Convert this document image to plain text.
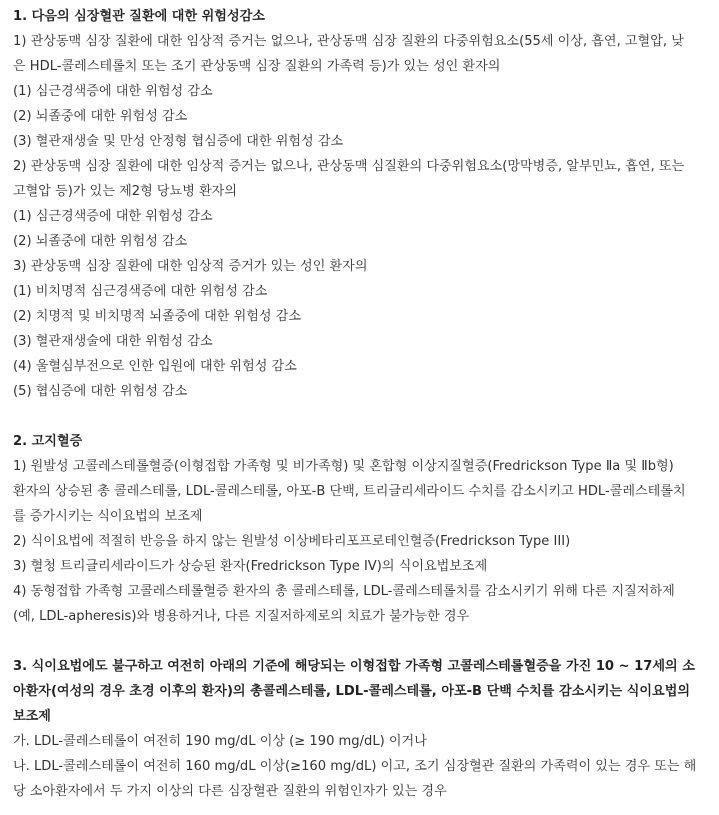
1. 다음의 심장혈관 질환에 대한 위험성감소
1) 관상동맥 심장 질환에 대한 임상적 증거는 없으나, 관상동맥 심장 질환의 다중위험요소(55세 이상, 흡연, 고혈압, 낮
은 HDL-콜레스테롤치 또는 조기 관상동맥 심장 질환의 가족력 등)가 있는 성인 환자의
(1) 심근경색증에 대한 위험성 감소
(2) 뇌졸중에 대한 위험성 감소
(3) 혈관재생술 및 만성 안정형 협심증에 대한 위험성 감소
2) 관상동맥 심장 질환에 대한 임상적 증거는 없으나, 관상동맥 심질환의 다중위험요소(망막병증, 알부민뇨, 흡연, 또는
고혈압 등)가 있는 제2형 당뇨병 환자의
(1) 심근경색증에 대한 위험성 감소
(2) 뇌졸중에 대한 위험성 감소
3) 관상동맥 심장 질환에 대한 임상적 증거가 있는 성인 환자의
(1) 비치명적 심근경색증에 대한 위험성 감소
(2) 치명적 및 비치명적 뇌졸중에 대한 위험성 감소
(3) 혈관재생술에 대한 위험성 감소
(4) 울혈심부전으로 인한 입원에 대한 위험성 감소
(5) 협심증에 대한 위험성 감소
2. 고지혈증
1) 원발성 고콜레스테롤혈증(이형접합 가족형 및 비가족형) 및 혼합형 이상지질혈증(Fredrickson Type Ⅱa 및 Ⅱb형)
환자의 상승된 총 콜레스테롤, LDL-콜레스테롤, 아포-B 단백, 트리글리세라이드 수치를 감소시키고 HDL-콜레스테롤치
를 증가시키는 식이요법의 보조제
2) 식이요법에 적절히 반응을 하지 않는 원발성 이상베타리포프로테인혈증(Fredrickson Type III)
3) 혈청 트리글리세라이드가 상승된 환자(Fredrickson Type IV)의 식이요법보조제
4) 동형접합 가족형 고콜레스테롤혈증 환자의 총 콜레스테롤, LDL-콜레스테롤치를 감소시키기 위해 다른 지질저하제
(예, LDL-apheresis)와 병용하거나, 다른 지질저하제로의 치료가 불가능한 경우
3. 식이요법에도 불구하고 여전히 아래의 기준에 해당되는 이형접합 가족형 고콜레스테롤혈증을 가진 10 ~ 17세의 소
아환자(여성의 경우 초경 이후의 환자)의 총콜레스테롤, LDL-콜레스테롤, 아포-B 단백 수치를 감소시키는 식이요법의
보조제
가. LDL-콜레스테롤이 여전히 190 mg/dL 이상 (≥ 190 mg/dL) 이거나
나. LDL-콜레스테롤이 여전히 160 mg/dL 이상(≥160 mg/dL) 이고, 조기 심장혈관 질환의 가족력이 있는 경우 또는 해
당 소아환자에서 두 가지 이상의 다른 심장혈관 질환의 위험인자가 있는 경우
